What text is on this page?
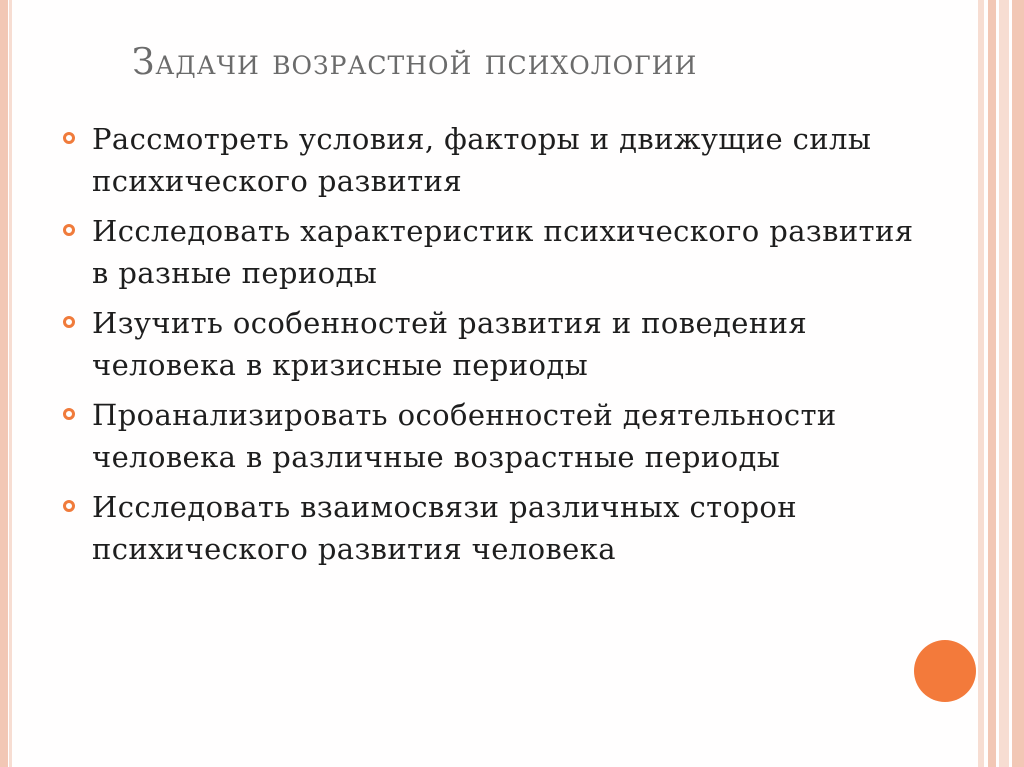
Задачи возрастной психологии
Рассмотреть условия, факторы и движущие силы психического развития
Исследовать характеристик психического развития в разные периоды
Изучить особенностей развития и поведения человека в кризисные периоды
Проанализировать особенностей деятельности человека в различные возрастные периоды
Исследовать взаимосвязи различных сторон психического развития человека
